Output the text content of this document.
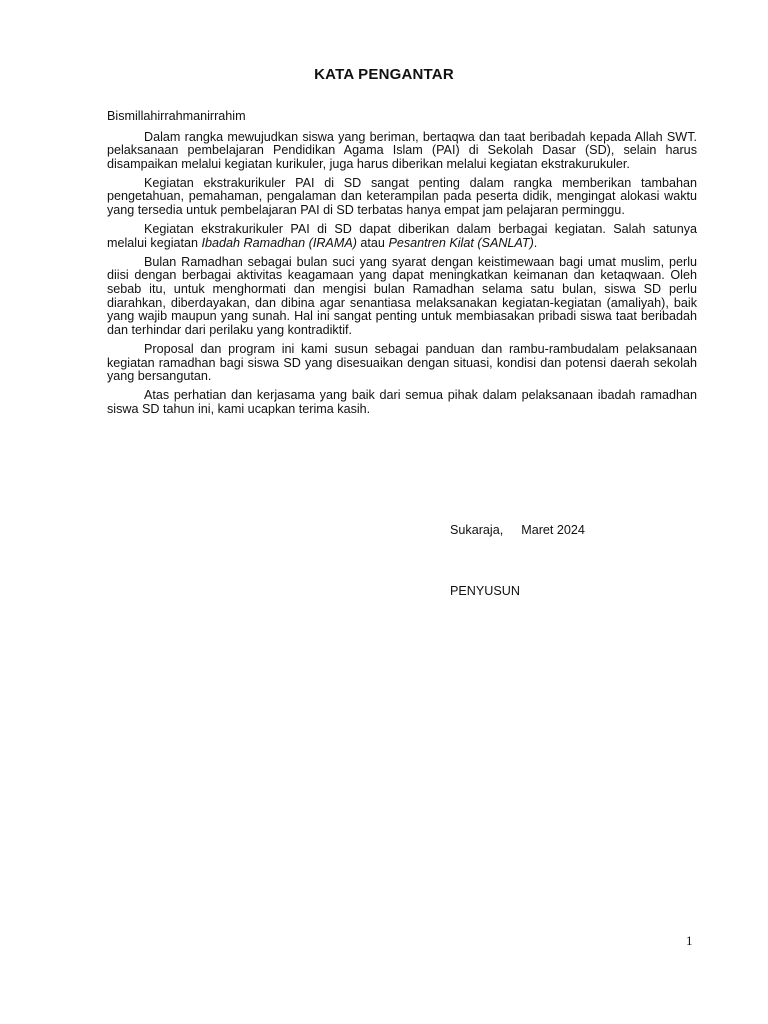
KATA PENGANTAR

Bismillahirrahmanirrahim

Dalam rangka mewujudkan siswa yang beriman, bertaqwa dan taat beribadah kepada Allah SWT. pelaksanaan pembelajaran Pendidikan Agama Islam (PAI) di Sekolah Dasar (SD), selain harus disampaikan melalui kegiatan kurikuler, juga harus diberikan melalui kegiatan ekstrakurukuler.

Kegiatan ekstrakurikuler PAI di SD sangat penting dalam rangka memberikan tambahan pengetahuan, pemahaman, pengalaman dan keterampilan pada peserta didik, mengingat alokasi waktu yang tersedia untuk pembelajaran PAI di SD terbatas hanya empat jam pelajaran perminggu.

Kegiatan ekstrakurikuler PAI di SD dapat diberikan dalam berbagai kegiatan. Salah satunya melalui kegiatan Ibadah Ramadhan (IRAMA) atau Pesantren Kilat (SANLAT).

Bulan Ramadhan sebagai bulan suci yang syarat dengan keistimewaan bagi umat muslim, perlu diisi dengan berbagai aktivitas keagamaan yang dapat meningkatkan keimanan dan ketaqwaan. Oleh sebab itu, untuk menghormati dan mengisi bulan Ramadhan selama satu bulan, siswa SD perlu diarahkan, diberdayakan, dan dibina agar senantiasa melaksanakan kegiatan-kegiatan (amaliyah), baik yang wajib maupun yang sunah. Hal ini sangat penting untuk membiasakan pribadi siswa taat beribadah dan terhindar dari perilaku yang kontradiktif.

Proposal dan program ini kami susun sebagai panduan dan rambu-rambudalam pelaksanaan kegiatan ramadhan bagi siswa SD yang disesuaikan dengan situasi, kondisi dan potensi daerah sekolah yang bersangutan.

Atas perhatian dan kerjasama yang baik dari semua pihak dalam pelaksanaan ibadah ramadhan siswa SD tahun ini, kami ucapkan terima kasih.

Sukaraja, Maret 2024
PENYUSUN
1
